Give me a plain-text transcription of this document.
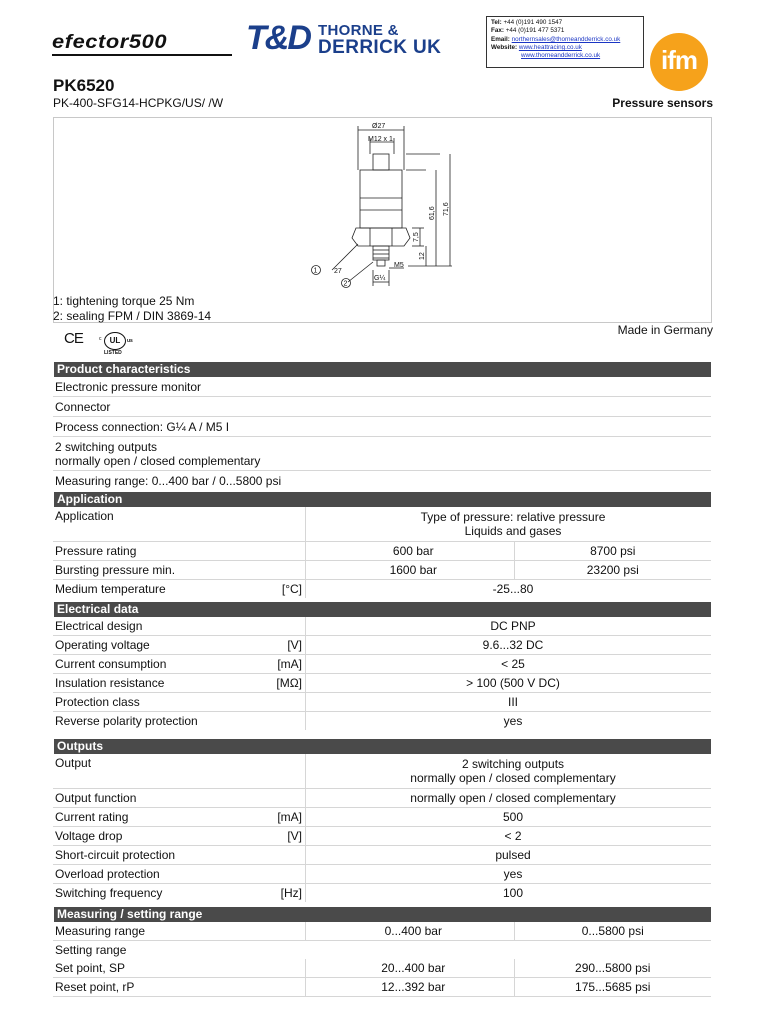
efector500 T&D THORNE &
DERRICK UK
Tel: +44 (0)191 490 1547
Fax: +44 (0)191 477 5371
Email: northernsales@thorneandderrick.co.uk
Website: www.heattracing.co.uk
www.thorneandderrick.co.uk	ifm
PK6520
PK-400-SFG14-HCPKG/US/ /W	Pressure sensors
Ø27
M12 x 1
61,6 71,6
7,5
12
M5
G¼
27
1
2
1: tightening torque 25 Nm
2: sealing FPM / DIN 3869-14
Made in Germany
CE	UL
c	us
LISTED
Product characteristics
Electronic pressure monitor
Connector
Process connection: G¼ A / M5 I
2 switching outputs
normally open / closed complementary
Measuring range: 0...400 bar / 0...5800 psi
Application
Application	Type of pressure: relative pressure
Liquids and gases
Pressure rating	600 bar	8700 psi
Bursting pressure min.	1600 bar	23200 psi
Medium temperature	[°C]	-25...80
Electrical data
Electrical design	DC PNP
Operating voltage	[V]	9.6...32 DC
Current consumption	[mA]	< 25
Insulation resistance	[MΩ]	> 100 (500 V DC)
Protection class	III
Reverse polarity protection	yes
Outputs
Output	2 switching outputs
normally open / closed complementary
Output function	normally open / closed complementary
Current rating	[mA]	500
Voltage drop	[V]	< 2
Short-circuit protection	pulsed
Overload protection	yes
Switching frequency	[Hz]	100
Measuring / setting range
Measuring range	0...400 bar	0...5800 psi
Setting range
Set point, SP	20...400 bar	290...5800 psi
Reset point, rP	12...392 bar	175...5685 psi
